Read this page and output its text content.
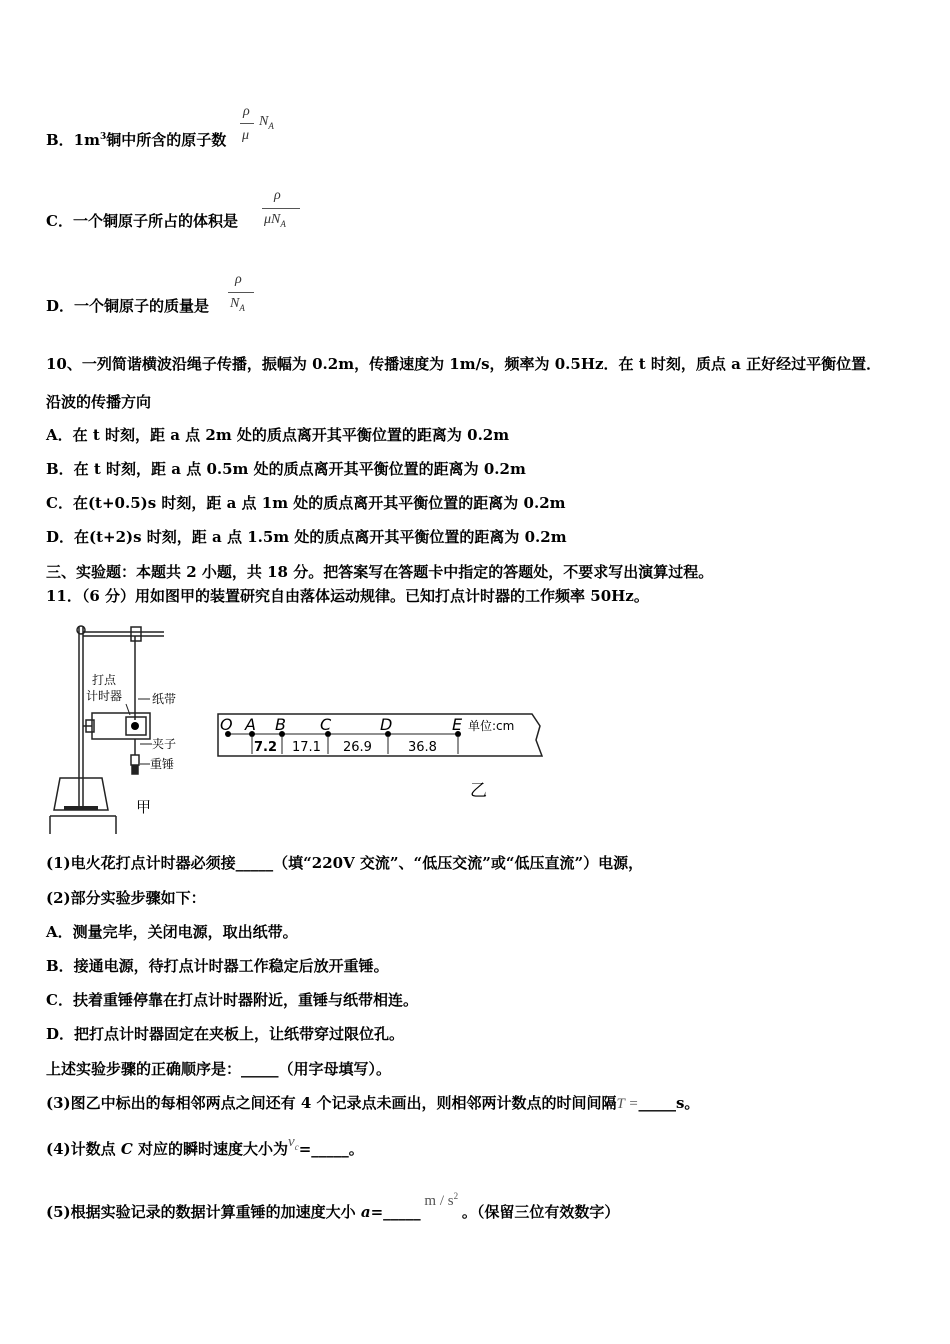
B．$1m^3$铜中所含的原子数
ρ
μ
$N_A$
C．一个铜原子所占的体积是
ρ
$\mu N_A$
D．一个铜原子的质量是
ρ
$N_A$
10、一列简谐横波沿绳子传播，振幅为 0.2m，传播速度为 1m/s，频率为 0.5Hz．在 t 时刻，质点 a 正好经过平衡位置．
沿波的传播方向
A．在 t 时刻，距 a 点 2m 处的质点离开其平衡位置的距离为 0.2m
B．在 t 时刻，距 a 点 0.5m 处的质点离开其平衡位置的距离为 0.2m
C．在(t+0.5)s 时刻，距 a 点 1m 处的质点离开其平衡位置的距离为 0.2m
D．在(t+2)s 时刻，距 a 点 1.5m 处的质点离开其平衡位置的距离为 0.2m
三、实验题：本题共 2 小题，共 18 分。把答案写在答题卡中指定的答题处，不要求写出演算过程。
11．（6 分）用如图甲的装置研究自由落体运动规律。已知打点计时器的工作频率 50Hz。
打点
计时器 纸带
夹子
重锤
甲
O A B C	D	E 单位:cm
7.2 17.1 26.9	36.8
乙
(1)电火花打点计时器必须接_____（填“220V 交流”、“低压交流”或“低压直流”）电源，
(2)部分实验步骤如下：
A．测量完毕，关闭电源，取出纸带。
B．接通电源，待打点计时器工作稳定后放开重锤。
C．扶着重锤停靠在打点计时器附近，重锤与纸带相连。
D．把打点计时器固定在夹板上，让纸带穿过限位孔。
上述实验步骤的正确顺序是：_____（用字母填写）。
(3)图乙中标出的每相邻两点之间还有 4 个记录点未画出，则相邻两计数点的时间间隔T =_____s。
(4)计数点 C 对应的瞬时速度大小为$v_c=\_\_\_\_\_$。
(5)根据实验记录的数据计算重锤的加速度大小 a=_____ m / $s^2$ 。（保留三位有效数字）
